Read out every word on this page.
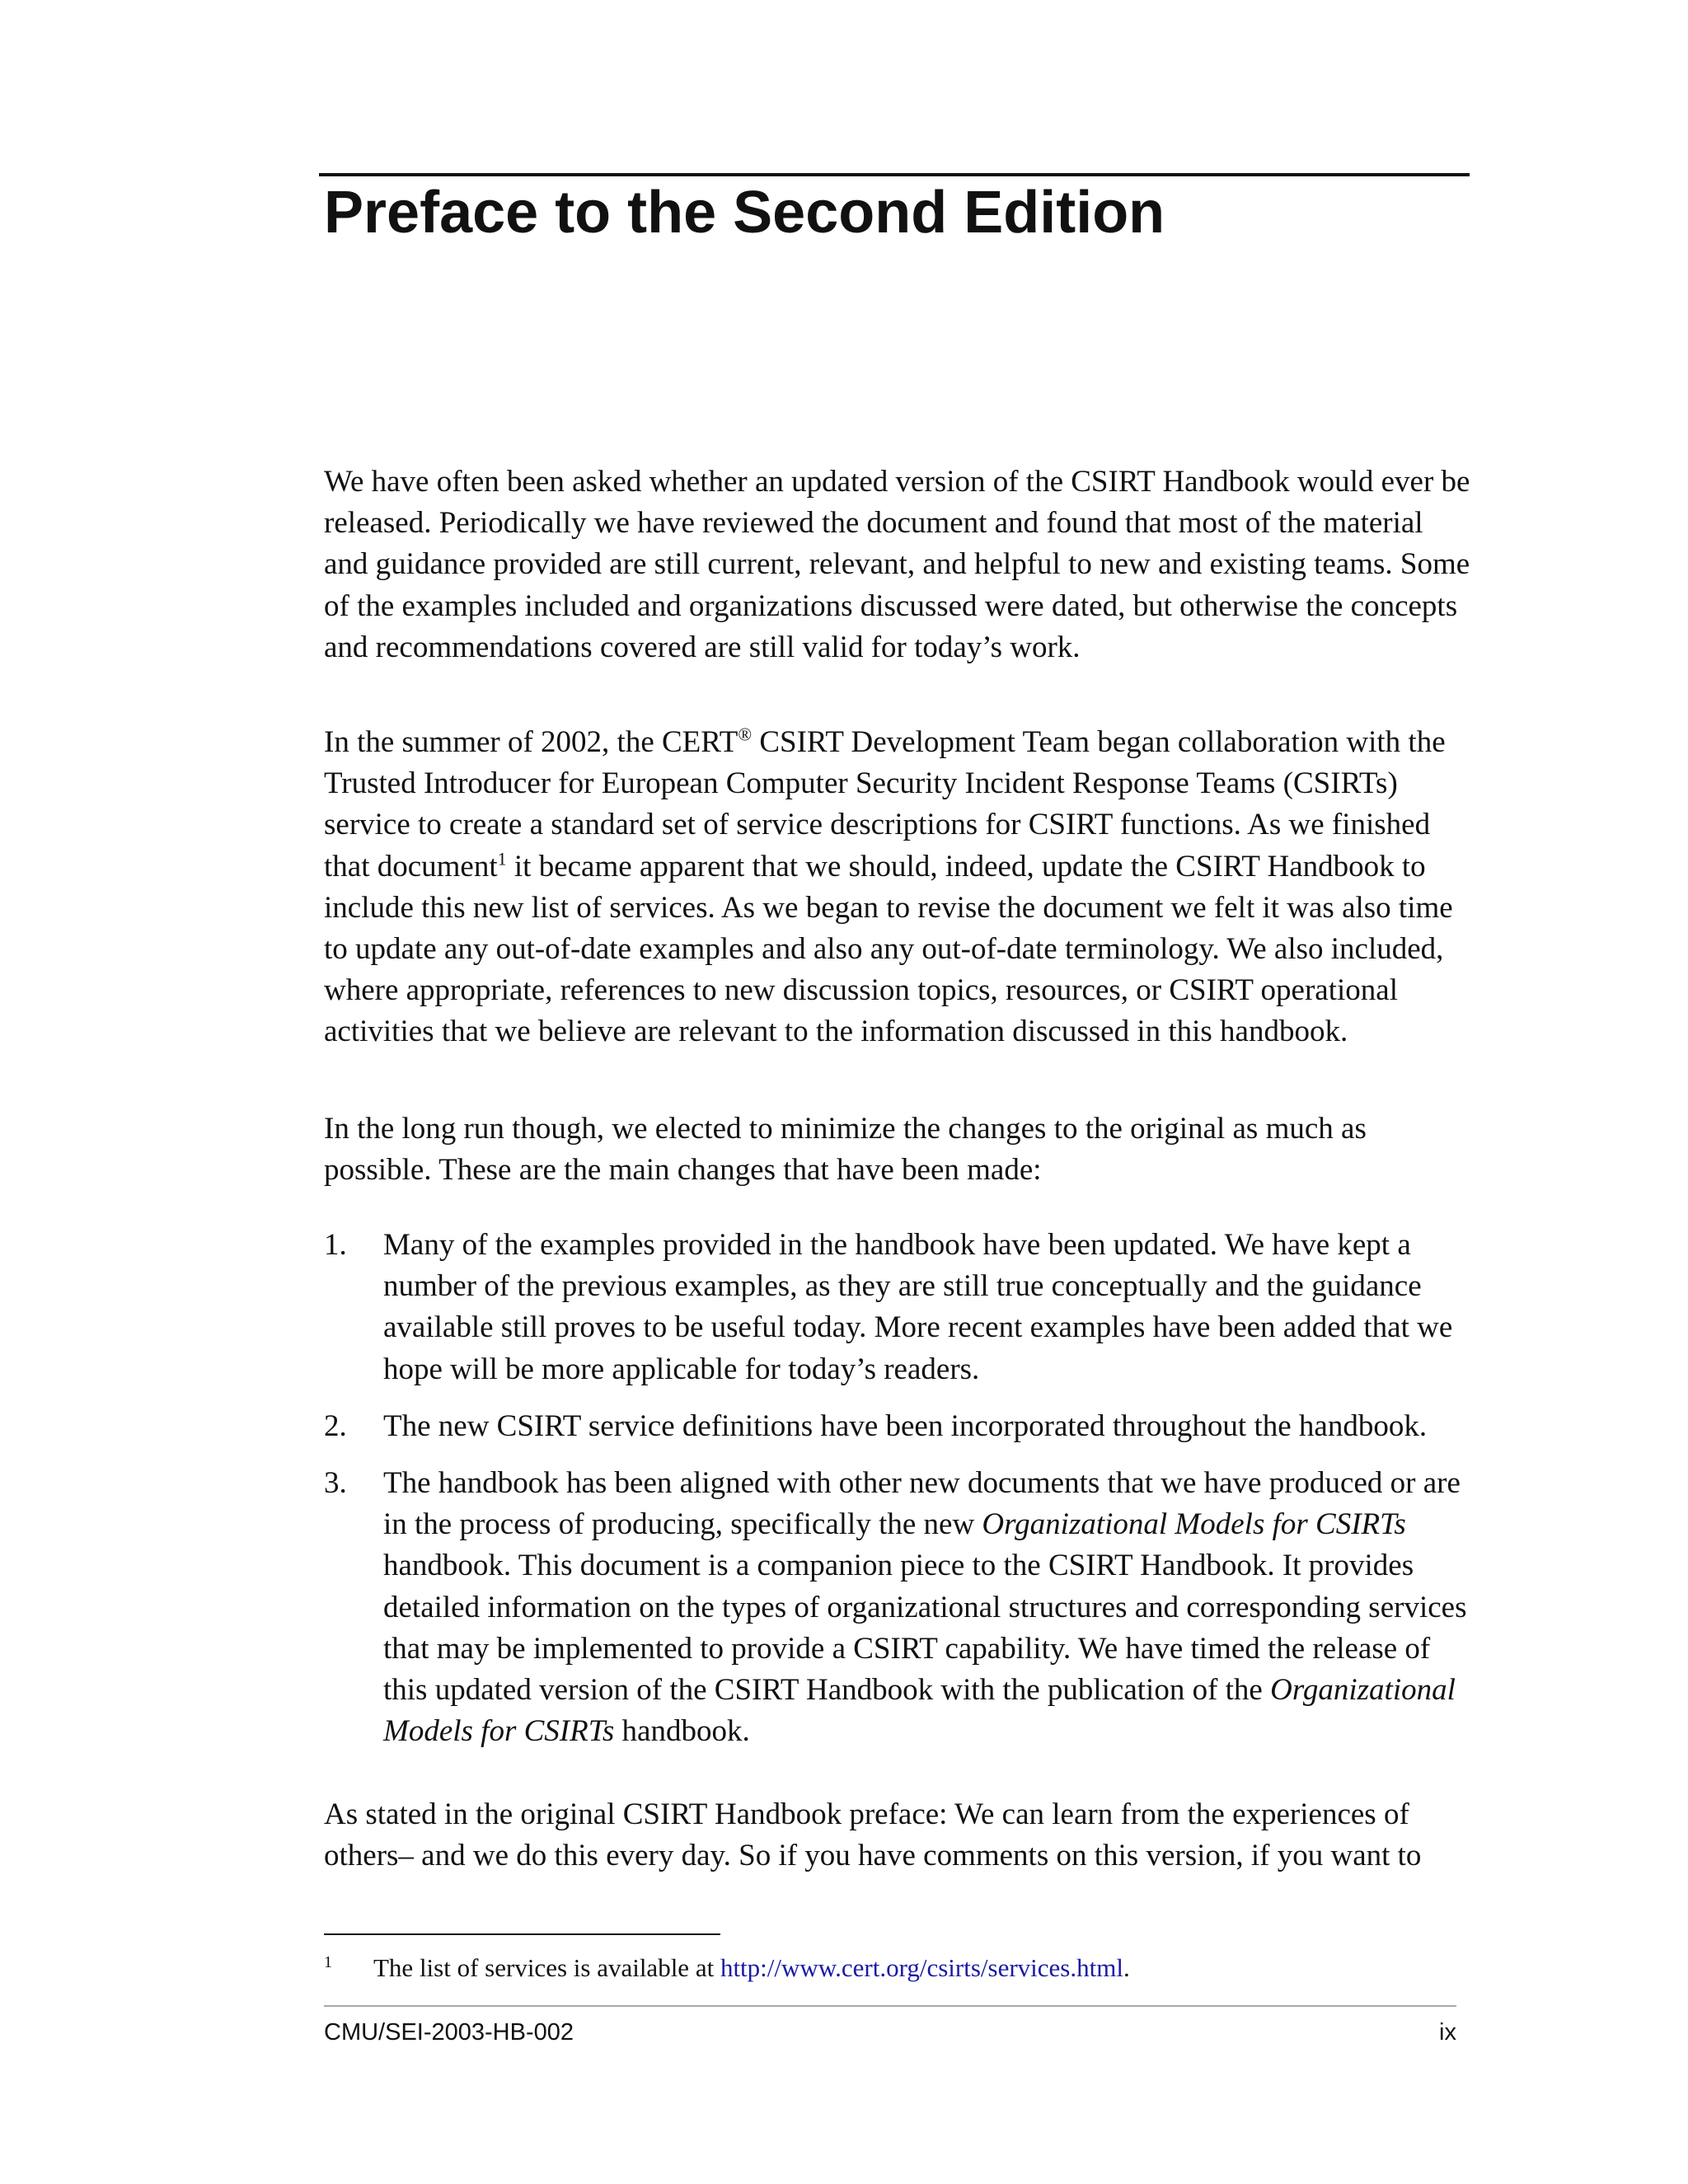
Preface to the Second Edition

We have often been asked whether an updated version of the CSIRT Handbook would ever be released. Periodically we have reviewed the document and found that most of the material and guidance provided are still current, relevant, and helpful to new and existing teams. Some of the examples included and organizations discussed were dated, but otherwise the concepts and recommendations covered are still valid for today’s work.

In the summer of 2002, the CERT® CSIRT Development Team began collaboration with the Trusted Introducer for European Computer Security Incident Response Teams (CSIRTs) service to create a standard set of service descriptions for CSIRT functions. As we finished that document$^1$ it became apparent that we should, indeed, update the CSIRT Handbook to include this new list of services. As we began to revise the document we felt it was also time to update any out-of-date examples and also any out-of-date terminology. We also included, where appropriate, references to new discussion topics, resources, or CSIRT operational activities that we believe are relevant to the information discussed in this handbook.

In the long run though, we elected to minimize the changes to the original as much as possible. These are the main changes that have been made:

1. Many of the examples provided in the handbook have been updated. We have kept a number of the previous examples, as they are still true conceptually and the guidance available still proves to be useful today. More recent examples have been added that we hope will be more applicable for today’s readers.
2. The new CSIRT service definitions have been incorporated throughout the handbook.
3. The handbook has been aligned with other new documents that we have produced or are in the process of producing, specifically the new Organizational Models for CSIRTs handbook. This document is a companion piece to the CSIRT Handbook. It provides detailed information on the types of organizational structures and corresponding services that may be implemented to provide a CSIRT capability. We have timed the release of this updated version of the CSIRT Handbook with the publication of the Organizational Models for CSIRTs handbook.

As stated in the original CSIRT Handbook preface: We can learn from the experiences of others– and we do this every day. So if you have comments on this version, if you want to

1 The list of services is available at http://www.cert.org/csirts/services.html.

CMU/SEI-2003-HB-002	ix
